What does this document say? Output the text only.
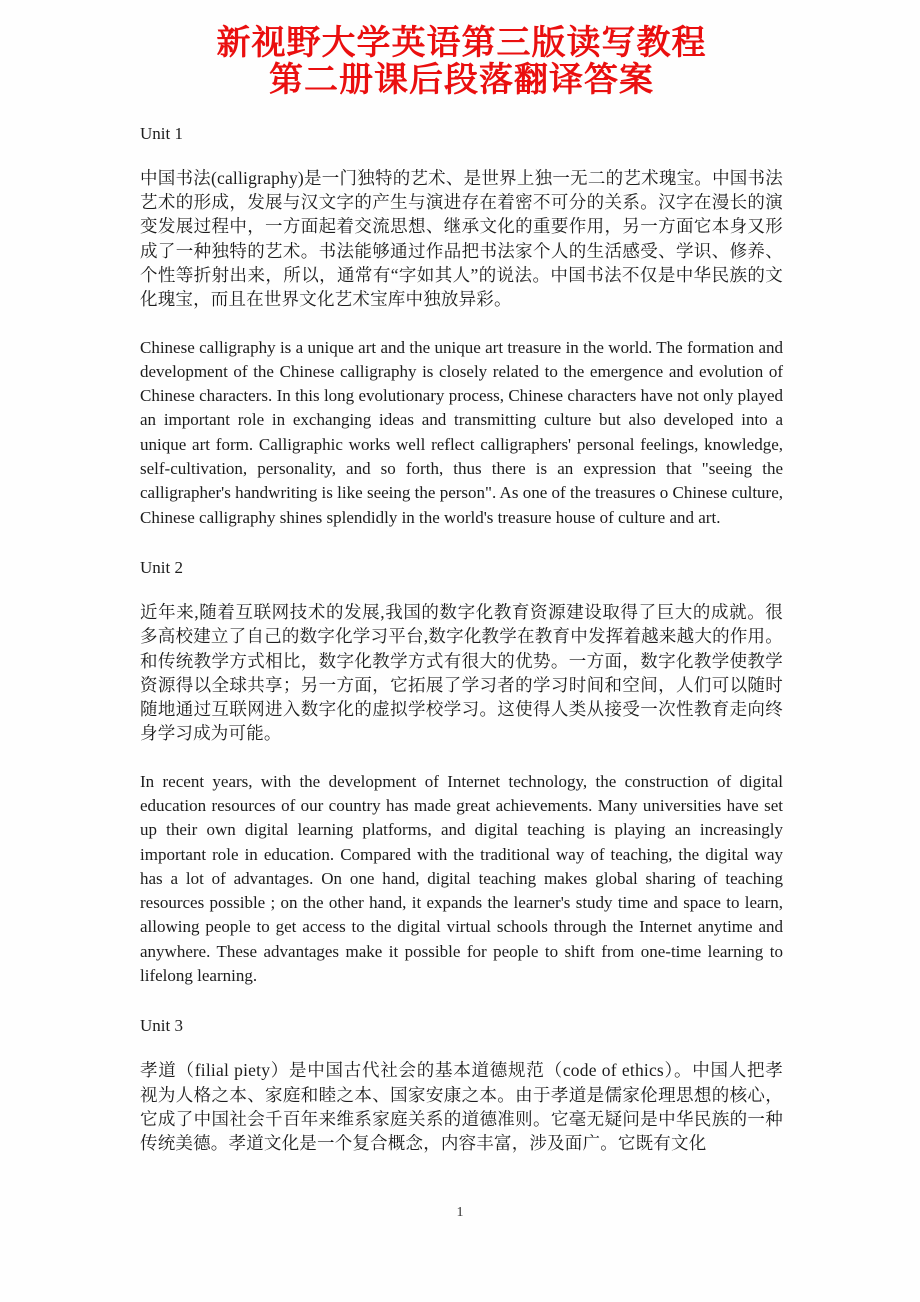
新视野大学英语第三版读写教程
第二册课后段落翻译答案
Unit 1

中国书法(calligraphy)是一门独特的艺术、是世界上独一无二的艺术瑰宝。中国书法艺术的形成，发展与汉文字的产生与演进存在着密不可分的关系。汉字在漫长的演变发展过程中，一方面起着交流思想、继承文化的重要作用，另一方面它本身又形成了一种独特的艺术。书法能够通过作品把书法家个人的生活感受、学识、修养、个性等折射出来，所以，通常有“字如其人”的说法。中国书法不仅是中华民族的文化瑰宝，而且在世界文化艺术宝库中独放异彩。

Chinese calligraphy is a unique art and the unique art treasure in the world. The formation and development of the Chinese calligraphy is closely related to the emergence and evolution of Chinese characters. In this long evolutionary process, Chinese characters have not only played an important role in exchanging ideas and transmitting culture but also developed into a unique art form. Calligraphic works well reflect calligraphers' personal feelings, knowledge, self-cultivation, personality, and so forth, thus there is an expression that "seeing the calligrapher's handwriting is like seeing the person". As one of the treasures o Chinese culture, Chinese calligraphy shines splendidly in the world's treasure house of culture and art.

Unit 2

近年来,随着互联网技术的发展,我国的数字化教育资源建设取得了巨大的成就。很多高校建立了自己的数字化学习平台,数字化教学在教育中发挥着越来越大的作用。和传统教学方式相比，数字化教学方式有很大的优势。一方面，数字化教学使教学资源得以全球共享；另一方面，它拓展了学习者的学习时间和空间，人们可以随时随地通过互联网进入数字化的虚拟学校学习。这使得人类从接受一次性教育走向终身学习成为可能。

In recent years, with the development of Internet technology, the construction of digital education resources of our country has made great achievements. Many universities have set up their own digital learning platforms, and digital teaching is playing an increasingly important role in education. Compared with the traditional way of teaching, the digital way has a lot of advantages. On one hand, digital teaching makes global sharing of teaching resources possible ; on the other hand, it expands the learner's study time and space to learn, allowing people to get access to the digital virtual schools through the Internet anytime and anywhere. These advantages make it possible for people to shift from one-time learning to lifelong learning.

Unit 3

孝道（filial piety）是中国古代社会的基本道德规范（code of ethics）。中国人把孝视为人格之本、家庭和睦之本、国家安康之本。由于孝道是儒家伦理思想的核心，它成了中国社会千百年来维系家庭关系的道德准则。它毫无疑问是中华民族的一种传统美德。孝道文化是一个复合概念，内容丰富，涉及面广。它既有文化

1
